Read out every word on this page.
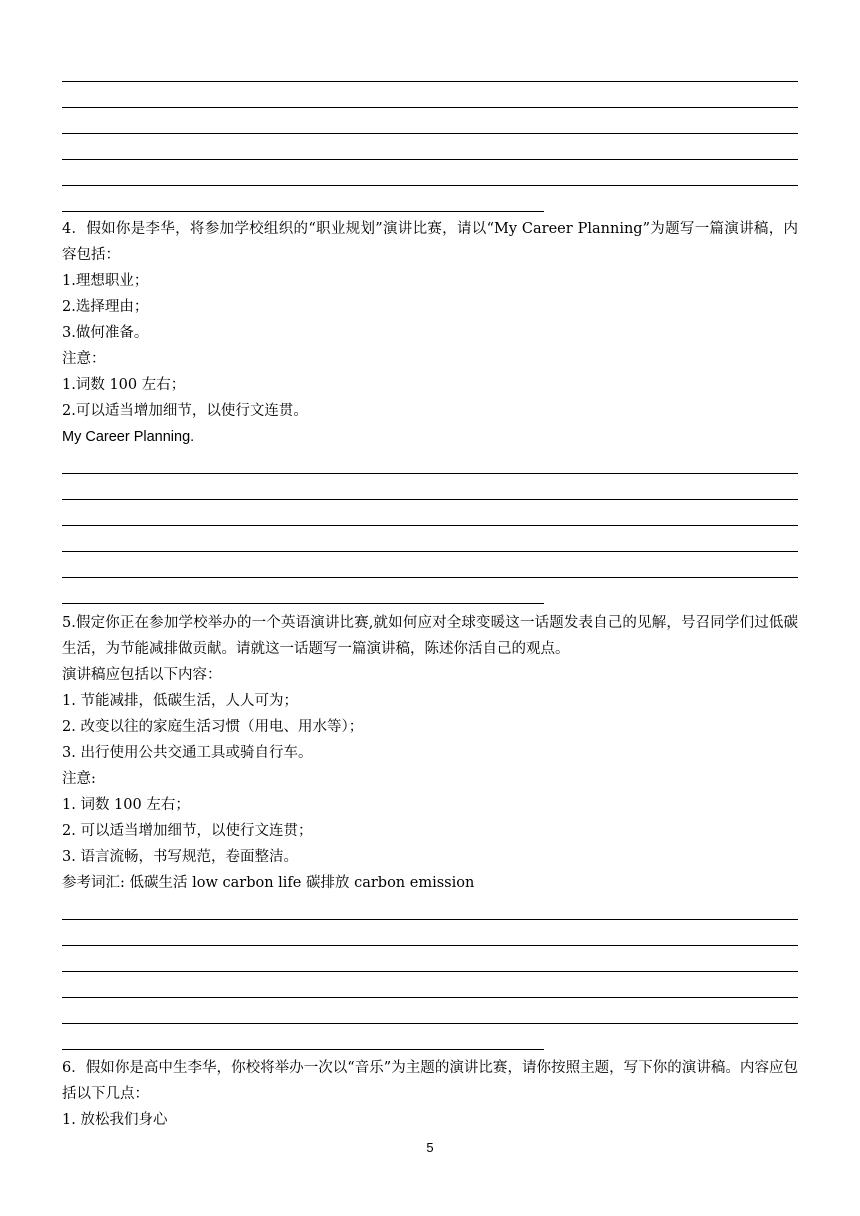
4．假如你是李华，将参加学校组织的“职业规划”演讲比赛，请以“My Career Planning”为题写一篇演讲稿，内容包括：
1.理想职业；
2.选择理由；
3.做何准备。
注意：
1.词数 100 左右；
2.可以适当增加细节，以使行文连贯。
My Career Planning.
5.假定你正在参加学校举办的一个英语演讲比赛,就如何应对全球变暖这一话题发表自己的见解，号召同学们过低碳生活，为节能减排做贡献。请就这一话题写一篇演讲稿，陈述你活自己的观点。
演讲稿应包括以下内容：
1. 节能减排，低碳生活，人人可为；
2. 改变以往的家庭生活习惯（用电、用水等）；
3. 出行使用公共交通工具或骑自行车。
注意:
1. 词数 100 左右；
2. 可以适当增加细节，以使行文连贯；
3. 语言流畅，书写规范，卷面整洁。
参考词汇: 低碳生活 low carbon life 碳排放 carbon emission
6．假如你是高中生李华，你校将举办一次以“音乐”为主题的演讲比赛，请你按照主题，写下你的演讲稿。内容应包括以下几点：
1. 放松我们身心
5
